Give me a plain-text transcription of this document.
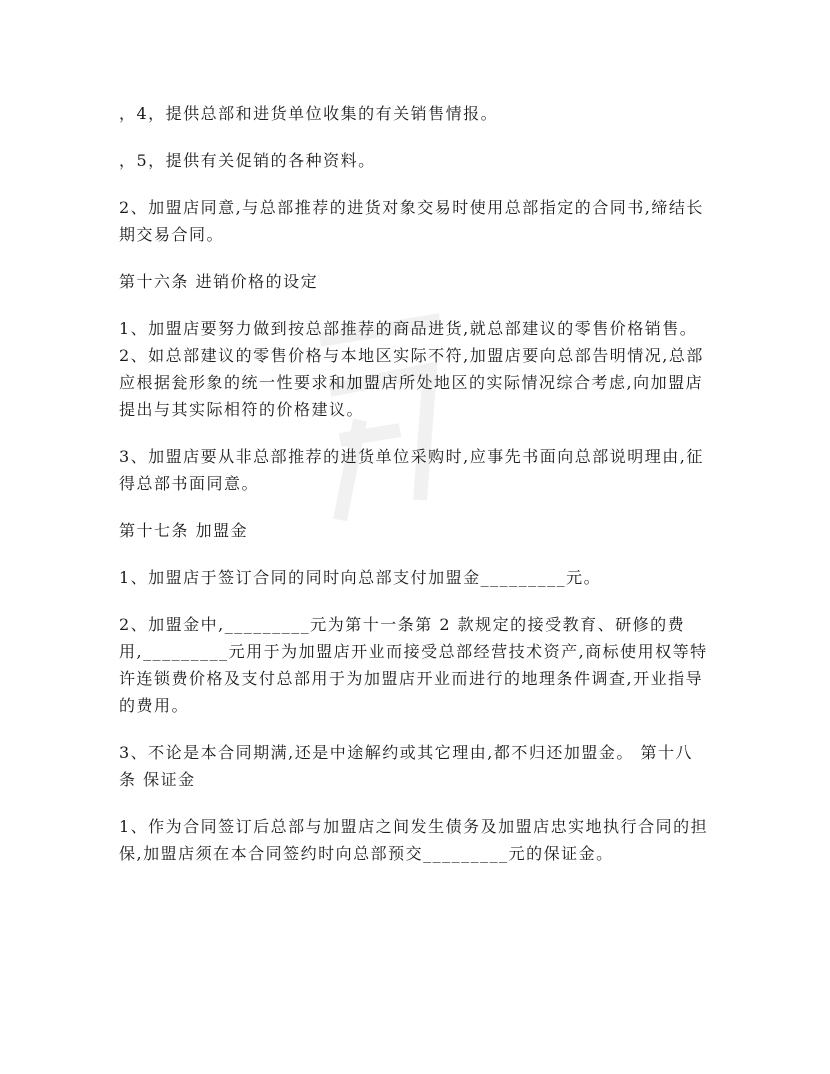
，4，提供总部和进货单位收集的有关销售情报。

，5，提供有关促销的各种资料。

2、加盟店同意,与总部推荐的进货对象交易时使用总部指定的合同书,缔结长期交易合同。

第十六条 进销价格的设定

1、加盟店要努力做到按总部推荐的商品进货,就总部建议的零售价格销售。 2、如总部建议的零售价格与本地区实际不符,加盟店要向总部告明情况,总部应根据瓮形象的统一性要求和加盟店所处地区的实际情况综合考虑,向加盟店提出与其实际相符的价格建议。

3、加盟店要从非总部推荐的进货单位采购时,应事先书面向总部说明理由,征得总部书面同意。

第十七条 加盟金

1、加盟店于签订合同的同时向总部支付加盟金_________元。

2、加盟金中,_________元为第十一条第 2 款规定的接受教育、研修的费用,_________元用于为加盟店开业而接受总部经营技术资产,商标使用权等特许连锁费价格及支付总部用于为加盟店开业而进行的地理条件调查,开业指导的费用。

3、不论是本合同期满,还是中途解约或其它理由,都不归还加盟金。 第十八条 保证金

1、作为合同签订后总部与加盟店之间发生债务及加盟店忠实地执行合同的担保,加盟店须在本合同签约时向总部预交_________元的保证金。
